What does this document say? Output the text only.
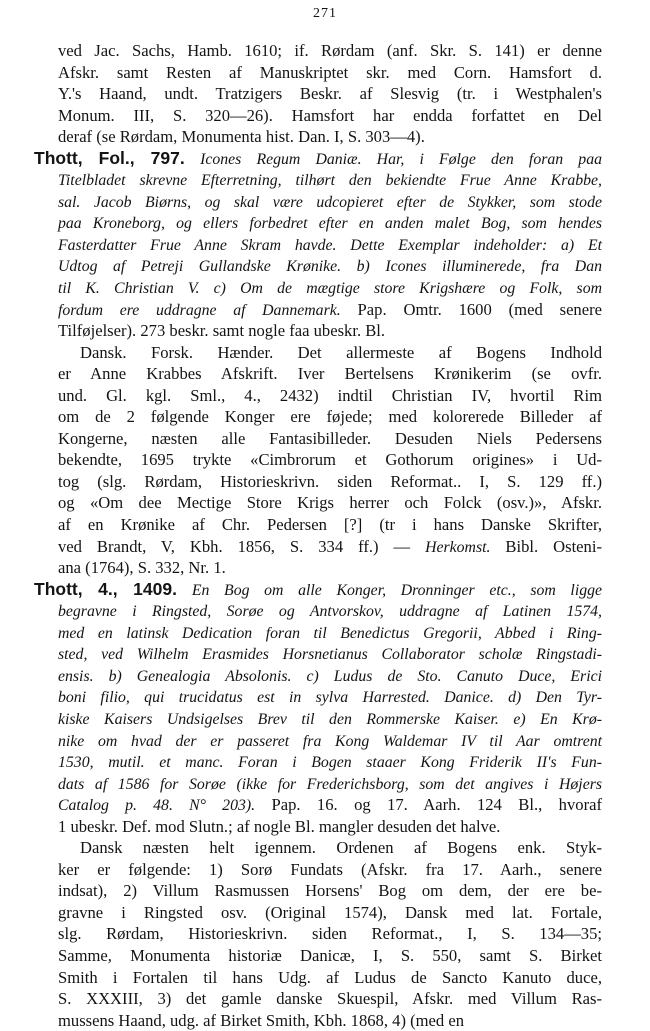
271
ved Jac. Sachs, Hamb. 1610; if. Rørdam (anf. Skr. S. 141) er denne
Afskr. samt Resten af Manuskriptet skr. med Corn. Hamsfort d.
Y.'s Haand, undt. Tratzigers Beskr. af Slesvig (tr. i Westphalen's
Monum. III, S. 320—26). Hamsfort har endda forfattet en Del
deraf (se Rørdam, Monumenta hist. Dan. I, S. 303—4).
Thott, Fol., 797. Icones Regum Daniæ. Har, i Følge den foran paa
Titelbladet skrevne Efterretning, tilhørt den bekiendte Frue Anne Krabbe,
sal. Jacob Biørns, og skal være udcopieret efter de Stykker, som stode
paa Kroneborg, og ellers forbedret efter en anden malet Bog, som hendes
Fasterdatter Frue Anne Skram havde. Dette Exemplar indeholder: a) Et
Udtog af Petreji Gullandske Krønike. b) Icones illuminerede, fra Dan
til K. Christian V. c) Om de mægtige store Krigshære og Folk, som
fordum ere uddragne af Dannemark. Pap. Omtr. 1600 (med senere
Tilføjelser). 273 beskr. samt nogle faa ubeskr. Bl.
Dansk. Forsk. Hænder. Det allermeste af Bogens Indhold
er Anne Krabbes Afskrift. Iver Bertelsens Krønikerim (se ovfr.
und. Gl. kgl. Sml., 4., 2432) indtil Christian IV, hvortil Rim
om de 2 følgende Konger ere føjede; med kolorerede Billeder af
Kongerne, næsten alle Fantasibilleder. Desuden Niels Pedersens
bekendte, 1695 trykte «Cimbrorum et Gothorum origines» i Ud-
tog (slg. Rørdam, Historieskrivn. siden Reformat.. I, S. 129 ff.)
og «Om dee Mectige Store Krigs herrer och Folck (osv.)», Afskr.
af en Krønike af Chr. Pedersen [?] (tr i hans Danske Skrifter,
ved Brandt, V, Kbh. 1856, S. 334 ff.) — Herkomst. Bibl. Osteni-
ana (1764), S. 332, Nr. 1.
Thott, 4., 1409. En Bog om alle Konger, Dronninger etc., som ligge
begravne i Ringsted, Sorøe og Antvorskov, uddragne af Latinen 1574,
med en latinsk Dedication foran til Benedictus Gregorii, Abbed i Ring-
sted, ved Wilhelm Erasmides Horsnetianus Collaborator scholæ Ringstadi-
ensis. b) Genealogia Absolonis. c) Ludus de Sto. Canuto Duce, Erici
boni filio, qui trucidatus est in sylva Harrested. Danice. d) Den Tyr-
kiske Kaisers Undsigelses Brev til den Rommerske Kaiser. e) En Krø-
nike om hvad der er passeret fra Kong Waldemar IV til Aar omtrent
1530, mutil. et manc. Foran i Bogen staaer Kong Friderik II's Fun-
dats af 1586 for Sorøe (ikke for Frederichsborg, som det angives i Højers
Catalog p. 48. N° 203). Pap. 16. og 17. Aarh. 124 Bl., hvoraf
1 ubeskr. Def. mod Slutn.; af nogle Bl. mangler desuden det halve.
Dansk næsten helt igennem. Ordenen af Bogens enk. Styk-
ker er følgende: 1) Sorø Fundats (Afskr. fra 17. Aarh., senere
indsat), 2) Villum Rasmussen Horsens' Bog om dem, der ere be-
gravne i Ringsted osv. (Original 1574), Dansk med lat. Fortale,
slg. Rørdam, Historieskrivn. siden Reformat., I, S. 134—35;
Samme, Monumenta historiæ Danicæ, I, S. 550, samt S. Birket
Smith i Fortalen til hans Udg. af Ludus de Sancto Kanuto duce,
S. XXXIII, 3) det gamle danske Skuespil, Afskr. med Villum Ras-
mussens Haand, udg. af Birket Smith, Kbh. 1868, 4) (med en
